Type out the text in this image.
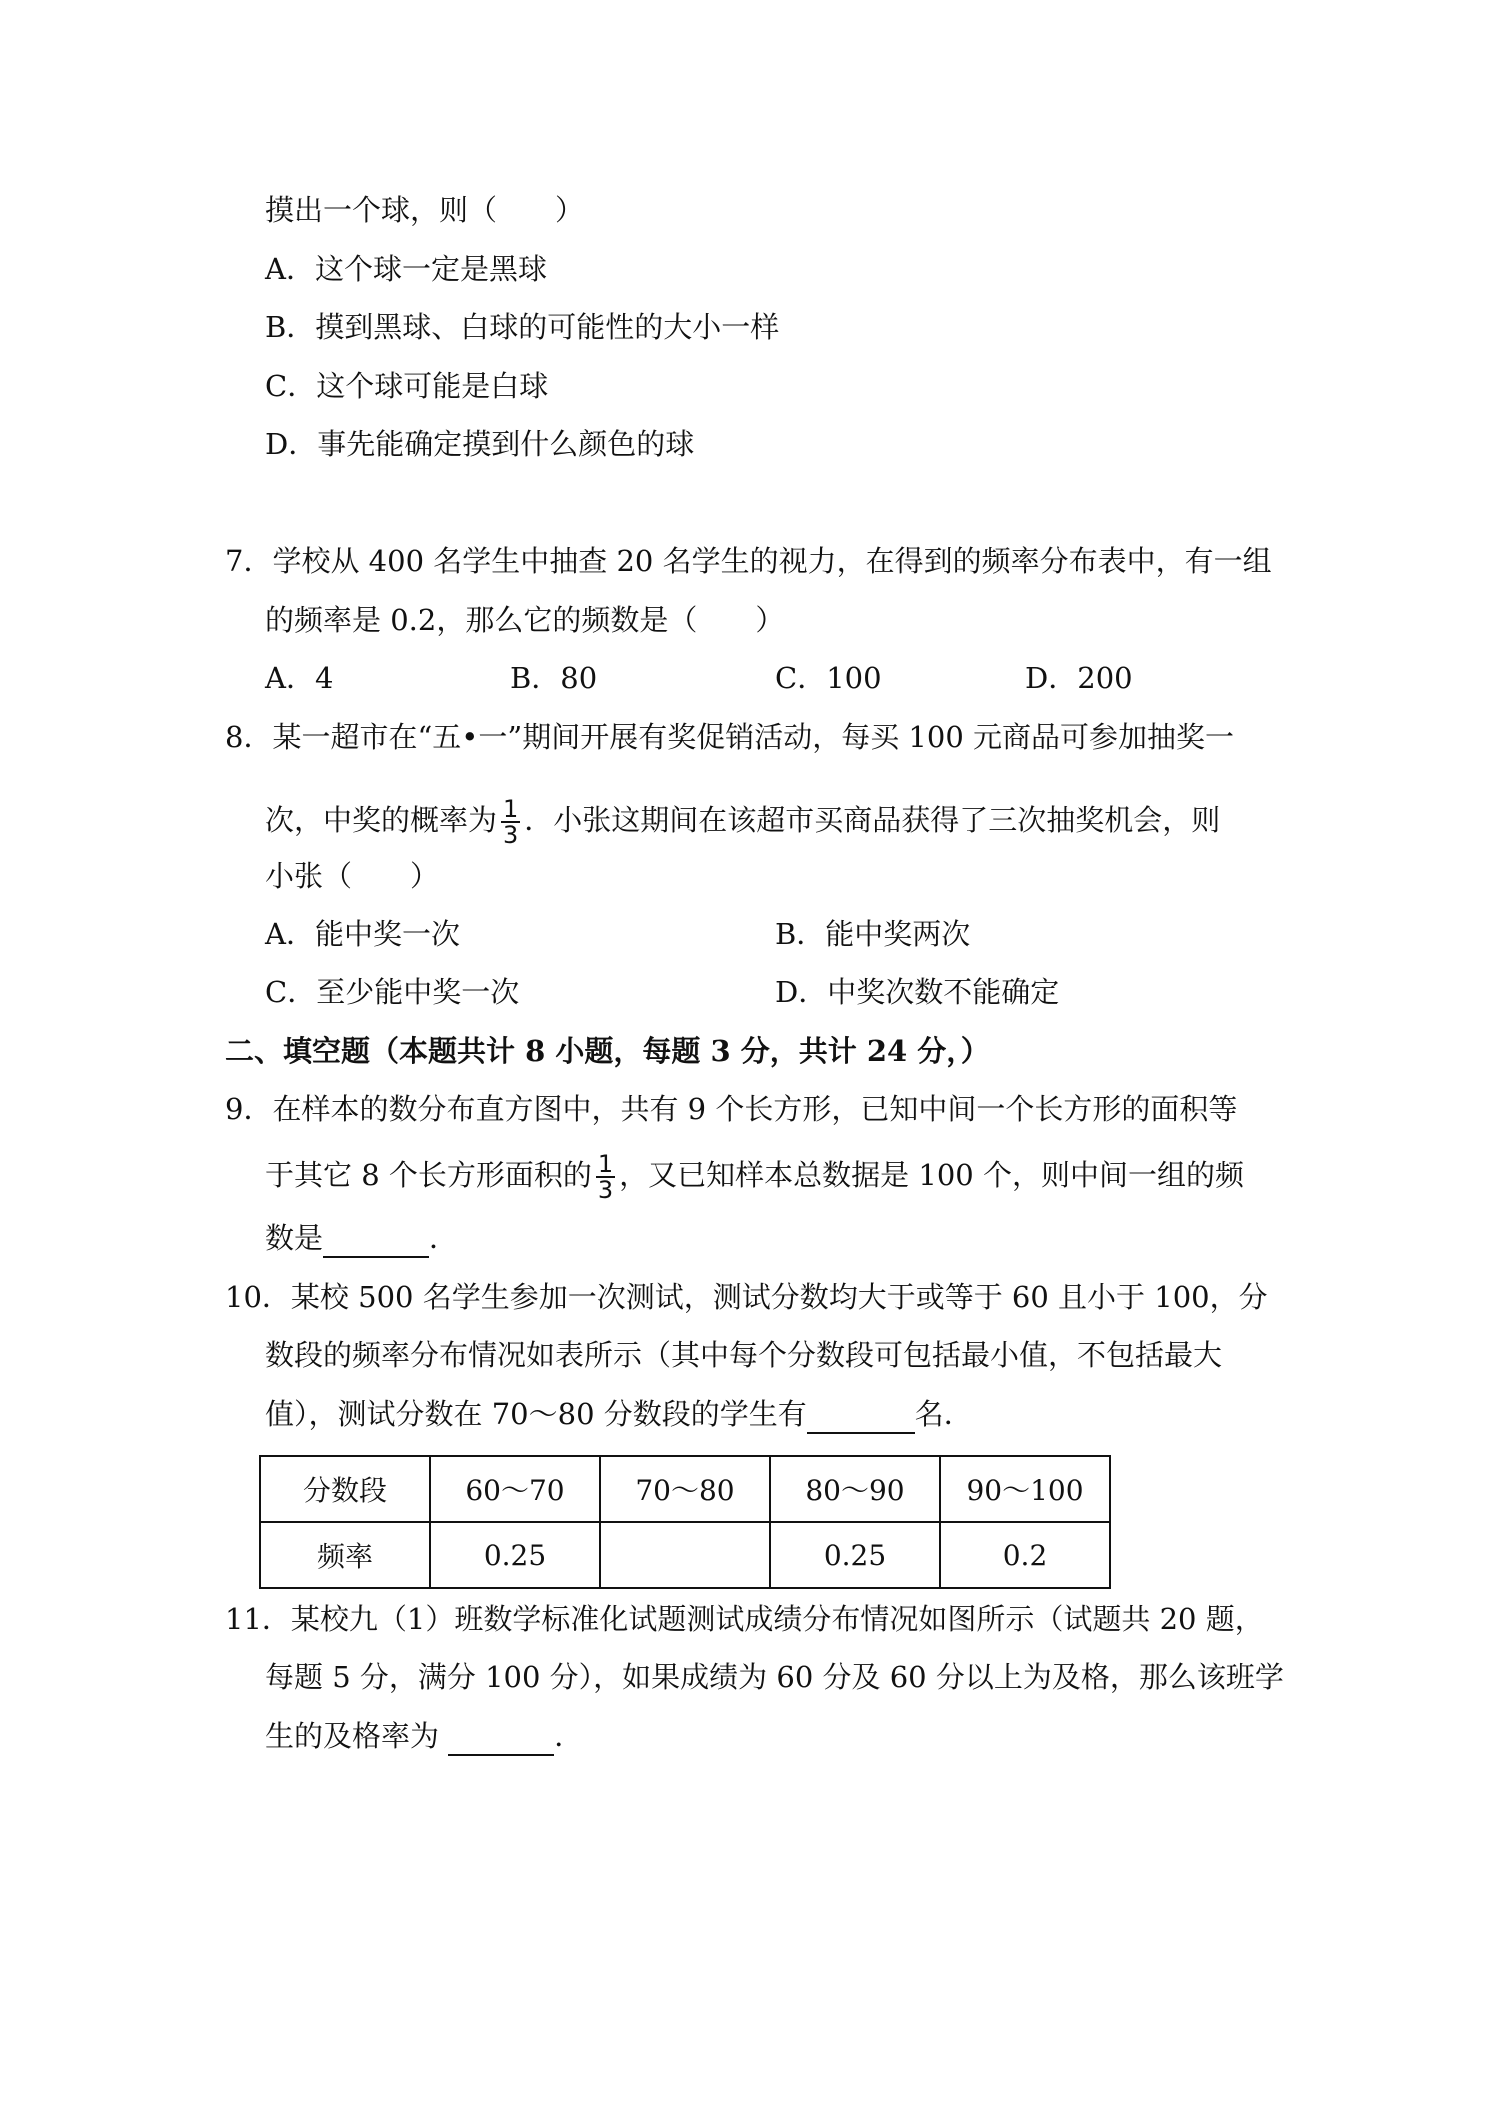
摸出一个球，则（　　）
A．这个球一定是黑球
B．摸到黑球、白球的可能性的大小一样
C．这个球可能是白球
D．事先能确定摸到什么颜色的球
7．学校从 400 名学生中抽查 20 名学生的视力，在得到的频率分布表中，有一组
的频率是 0.2，那么它的频数是（　　）
A．4	B．80	C．100	D．200
8．某一超市在“五•一”期间开展有奖促销活动，每买 100 元商品可参加抽奖一
次，中奖的概率为 $\frac{1}{3}$ ．小张这期间在该超市买商品获得了三次抽奖机会，则
小张（　　）
A．能中奖一次	B．能中奖两次
C．至少能中奖一次	D．中奖次数不能确定
二、填空题（本题共计 8 小题，每题 3 分，共计 24 分，）
9．在样本的数分布直方图中，共有 9 个长方形，已知中间一个长方形的面积等
于其它 8 个长方形面积的 $\frac{1}{3}$ ，又已知样本总数据是 100 个，则中间一组的频
数是	．
10．某校 500 名学生参加一次测试，测试分数均大于或等于 60 且小于 100，分
数段的频率分布情况如表所示（其中每个分数段可包括最小值，不包括最大
值），测试分数在 70～80 分数段的学生有	名．
分数段	60～70	70～80	80～90	90～100
频率	0.25		0.25	0.2
11．某校九（1）班数学标准化试题测试成绩分布情况如图所示（试题共 20 题，
每题 5 分，满分 100 分），如果成绩为 60 分及 60 分以上为及格，那么该班学
生的及格率为	．
